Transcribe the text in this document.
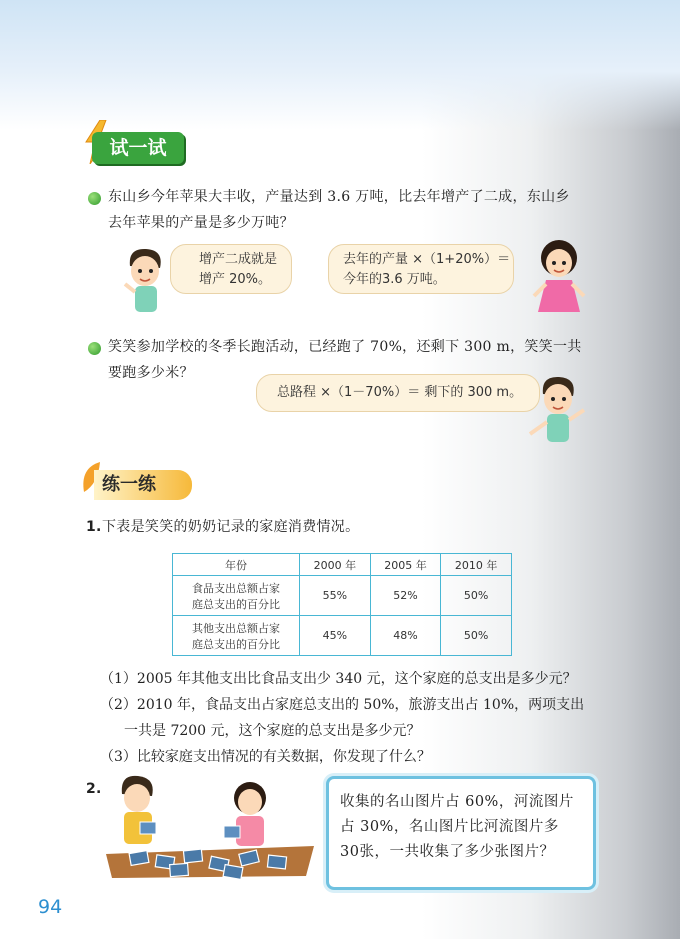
试一试
东山乡今年苹果大丰收，产量达到 3.6 万吨，比去年增产了二成，东山乡
去年苹果的产量是多少万吨？
增产二成就是
增产 20%。
去年的产量 ×（1+20%）＝
今年的3.6 万吨。
笑笑参加学校的冬季长跑活动，已经跑了 70%，还剩下 300 m，笑笑一共
要跑多少米？
总路程 ×（1－70%）＝ 剩下的 300 m。
练一练
1. 下表是笑笑的奶奶记录的家庭消费情况。
年份	2000 年	2005 年	2010 年

食品支出总额占家
庭总支出的百分比	55%	52%	50%

其他支出总额占家
庭总支出的百分比	45%	48%	50%
（1）2005 年其他支出比食品支出少 340 元，这个家庭的总支出是多少元？
（2）2010 年，食品支出占家庭总支出的 50%，旅游支出占 10%，两项支出
一共是 7200 元，这个家庭的总支出是多少元？
（3）比较家庭支出情况的有关数据，你发现了什么？
2.
收集的名山图片占 60%，河流图片
占 30%，名山图片比河流图片多
30张，一共收集了多少张图片？
94
